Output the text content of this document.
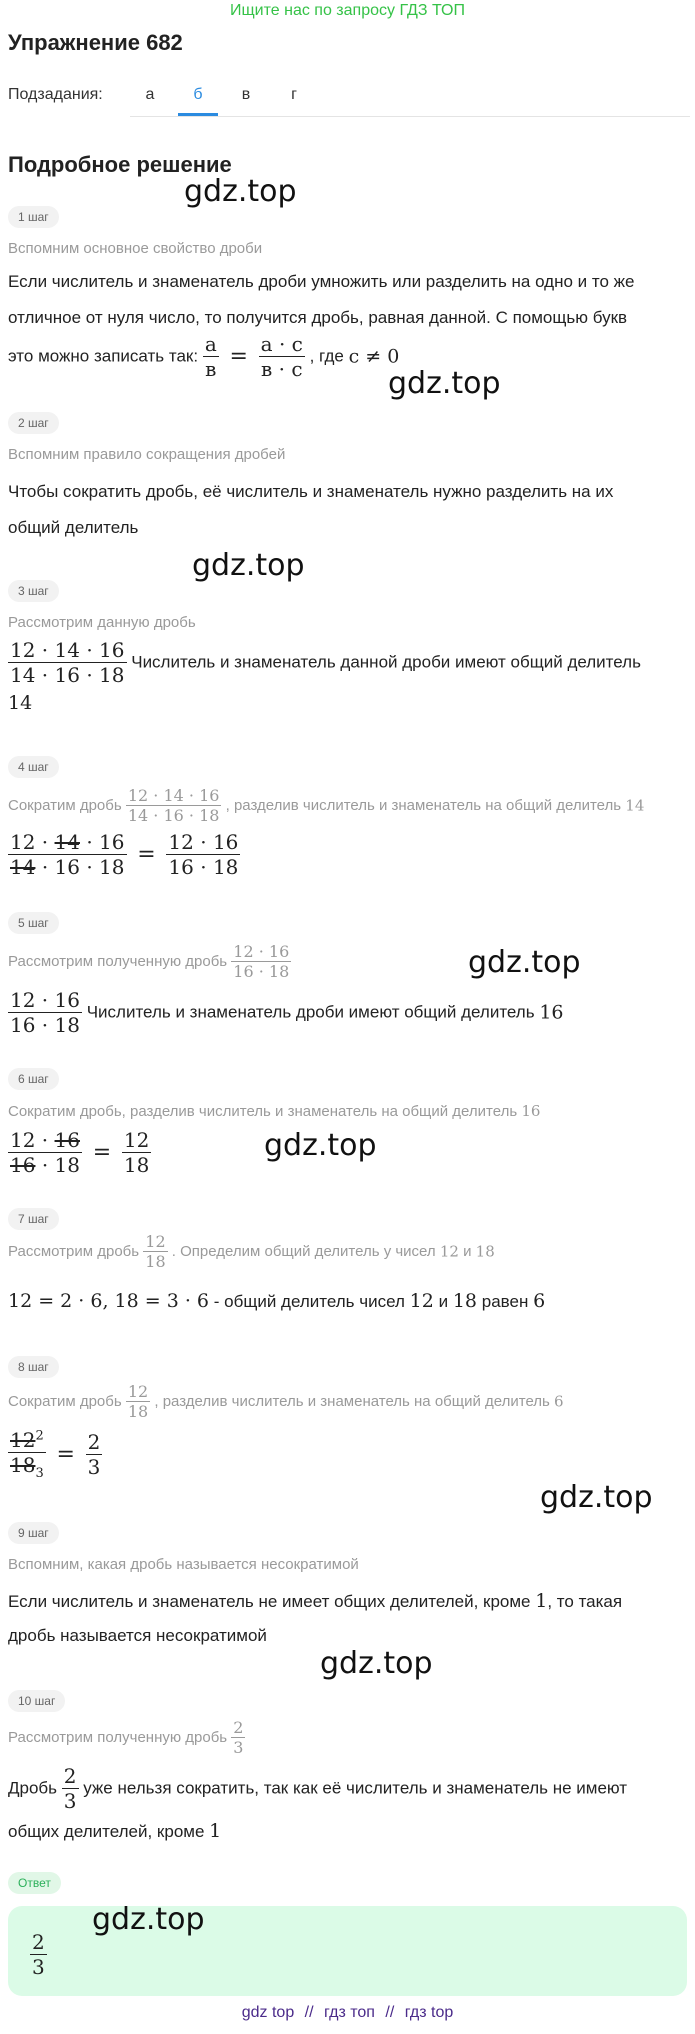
Ищите нас по запросу ГДЗ ТОП
Упражнение 682
Подзадания:	а	б	в	г
Подробное решение
gdz.top
gdz.top
gdz.top
gdz.top
gdz.top
gdz.top
gdz.top
1 шаг
Вспомним основное свойство дроби
Если числитель и знаменатель дроби умножить или разделить на одно и то же
отличное от нуля число, то получится дробь, равная данной. С помощью букв
это можно записать так: $\frac{a}{в} = \frac{a \cdot c}{в \cdot c}$ , где c ≠ 0
2 шаг
Вспомним правило сокращения дробей
Чтобы сократить дробь, её числитель и знаменатель нужно разделить на их
общий делитель
3 шаг
Рассмотрим данную дробь
$\frac{12 \cdot 14 \cdot 16}{14 \cdot 16 \cdot 18}$ Числитель и знаменатель данной дроби имеют общий делитель
14
4 шаг
Сократим дробь $\frac{12 \cdot 14 \cdot 16}{14 \cdot 16 \cdot 18}$ , разделив числитель и знаменатель на общий делитель 14
$\frac{12 \cdot 14 \cdot 16}{14 \cdot 16 \cdot 18} = \frac{12 \cdot 16}{16 \cdot 18}$
5 шаг
Рассмотрим полученную дробь $\frac{12 \cdot 16}{16 \cdot 18}$
$\frac{12 \cdot 16}{16 \cdot 18}$ Числитель и знаменатель дроби имеют общий делитель 16
6 шаг
Сократим дробь, разделив числитель и знаменатель на общий делитель 16
$\frac{12 \cdot 16}{16 \cdot 18} = \frac{12}{18}$
7 шаг
Рассмотрим дробь $\frac{12}{18}$ . Определим общий делитель у чисел 12 и 18
12 = 2 · 6, 18 = 3 · 6 - общий делитель чисел 12 и 18 равен 6
8 шаг
Сократим дробь $\frac{12}{18}$ , разделив числитель и знаменатель на общий делитель 6
$\frac{12^2}{18_3} = \frac{2}{3}$
9 шаг
Вспомним, какая дробь называется несократимой
Если числитель и знаменатель не имеет общих делителей, кроме 1, то такая
дробь называется несократимой
10 шаг
Рассмотрим полученную дробь $\frac{2}{3}$
Дробь $\frac{2}{3}$ уже нельзя сократить, так как её числитель и знаменатель не имеют
общих делителей, кроме 1
Ответ
gdz.top
$\frac{2}{3}$
gdz top // гдз топ // гдз top
